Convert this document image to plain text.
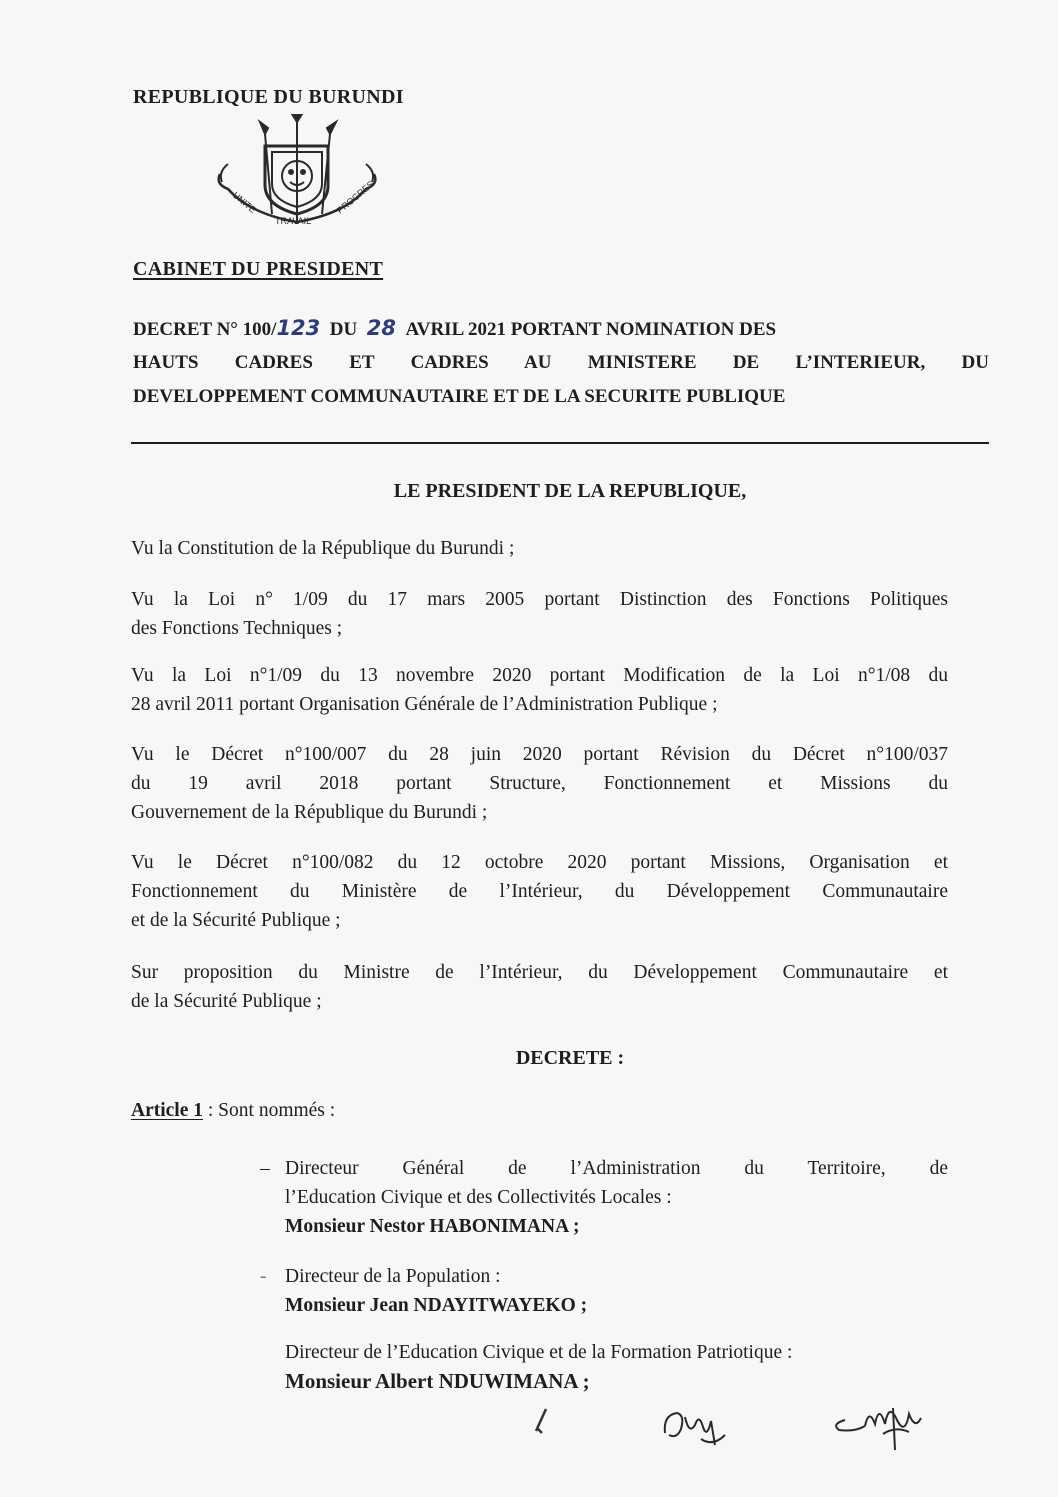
REPUBLIQUE DU BURUNDI
UNITE
TRAVAIL
PROGRES
CABINET DU PRESIDENT
DECRET N° 100/123 DU 28 AVRIL 2021 PORTANT NOMINATION DES
HAUTS CADRES ET CADRES AU MINISTERE DE L’INTERIEUR, DU
DEVELOPPEMENT COMMUNAUTAIRE ET DE LA SECURITE PUBLIQUE
LE PRESIDENT DE LA REPUBLIQUE,
Vu la Constitution de la République du Burundi ;
Vu la Loi n° 1/09 du 17 mars 2005 portant Distinction des Fonctions Politiques
des Fonctions Techniques ;
Vu la Loi n°1/09 du 13 novembre 2020 portant Modification de la Loi n°1/08 du
28 avril 2011 portant Organisation Générale de l’Administration Publique ;
Vu le Décret n°100/007 du 28 juin 2020 portant Révision du Décret n°100/037
du 19 avril 2018 portant Structure, Fonctionnement et Missions du
Gouvernement de la République du Burundi ;
Vu le Décret n°100/082 du 12 octobre 2020 portant Missions, Organisation et
Fonctionnement du Ministère de l’Intérieur, du Développement Communautaire
et de la Sécurité Publique ;
Sur proposition du Ministre de l’Intérieur, du Développement Communautaire et
de la Sécurité Publique ;
DECRETE :
Article 1 : Sont nommés :
– Directeur Général de l’Administration du Territoire, de
l’Education Civique et des Collectivités Locales :
Monsieur Nestor HABONIMANA ;
- Directeur de la Population :
Monsieur Jean NDAYITWAYEKO ;
Directeur de l’Education Civique et de la Formation Patriotique :
Monsieur Albert NDUWIMANA ;
OM
SMA
